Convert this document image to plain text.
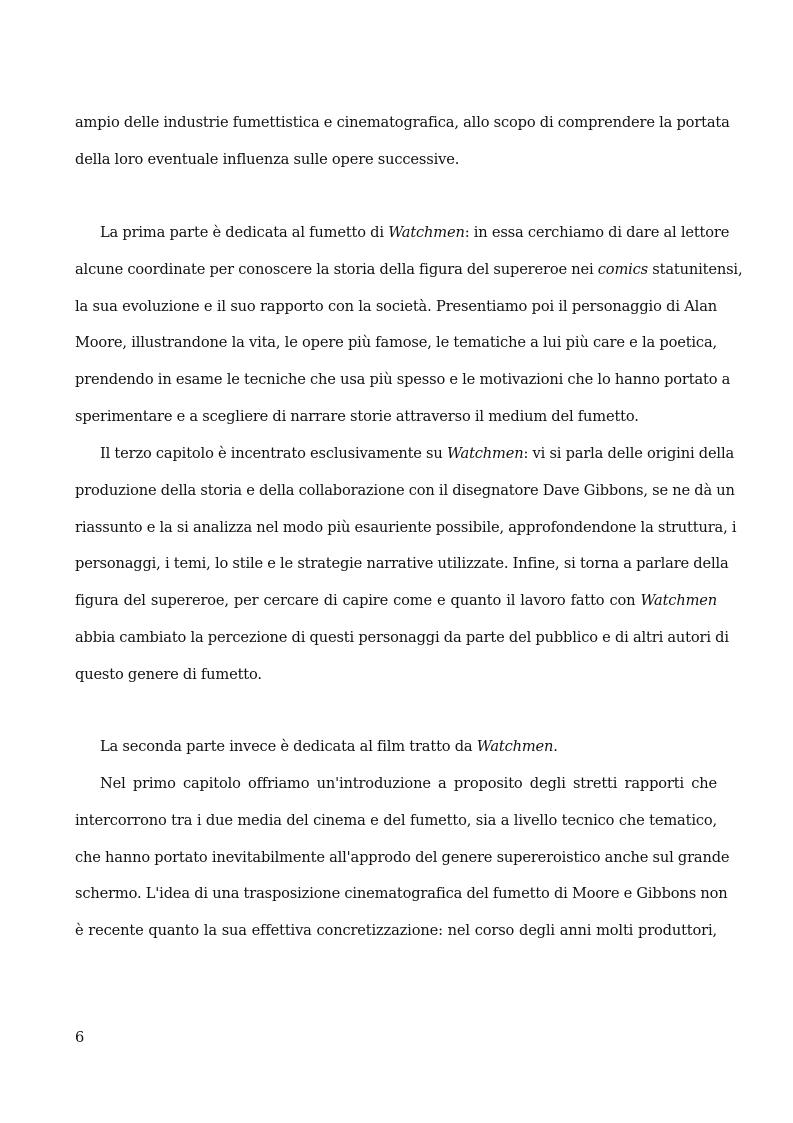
ampio delle industrie fumettistica e cinematografica, allo scopo di comprendere la portata
della loro eventuale influenza sulle opere successive.
La prima parte è dedicata al fumetto di Watchmen: in essa cerchiamo di dare al lettore
alcune coordinate per conoscere la storia della figura del supereroe nei comics statunitensi,
la sua evoluzione e il suo rapporto con la società. Presentiamo poi il personaggio di Alan
Moore, illustrandone la vita, le opere più famose, le tematiche a lui più care e la poetica,
prendendo in esame le tecniche che usa più spesso e le motivazioni che lo hanno portato a
sperimentare e a scegliere di narrare storie attraverso il medium del fumetto.
Il terzo capitolo è incentrato esclusivamente su Watchmen: vi si parla delle origini della
produzione della storia e della collaborazione con il disegnatore Dave Gibbons, se ne dà un
riassunto e la si analizza nel modo più esauriente possibile, approfondendone la struttura, i
personaggi, i temi, lo stile e le strategie narrative utilizzate. Infine, si torna a parlare della
figura del supereroe, per cercare di capire come e quanto il lavoro fatto con Watchmen
abbia cambiato la percezione di questi personaggi da parte del pubblico e di altri autori di
questo genere di fumetto.
La seconda parte invece è dedicata al film tratto da Watchmen.
Nel primo capitolo offriamo un'introduzione a proposito degli stretti rapporti che
intercorrono tra i due media del cinema e del fumetto, sia a livello tecnico che tematico,
che hanno portato inevitabilmente all'approdo del genere supereroistico anche sul grande
schermo. L'idea di una trasposizione cinematografica del fumetto di Moore e Gibbons non
è recente quanto la sua effettiva concretizzazione: nel corso degli anni molti produttori,
6
